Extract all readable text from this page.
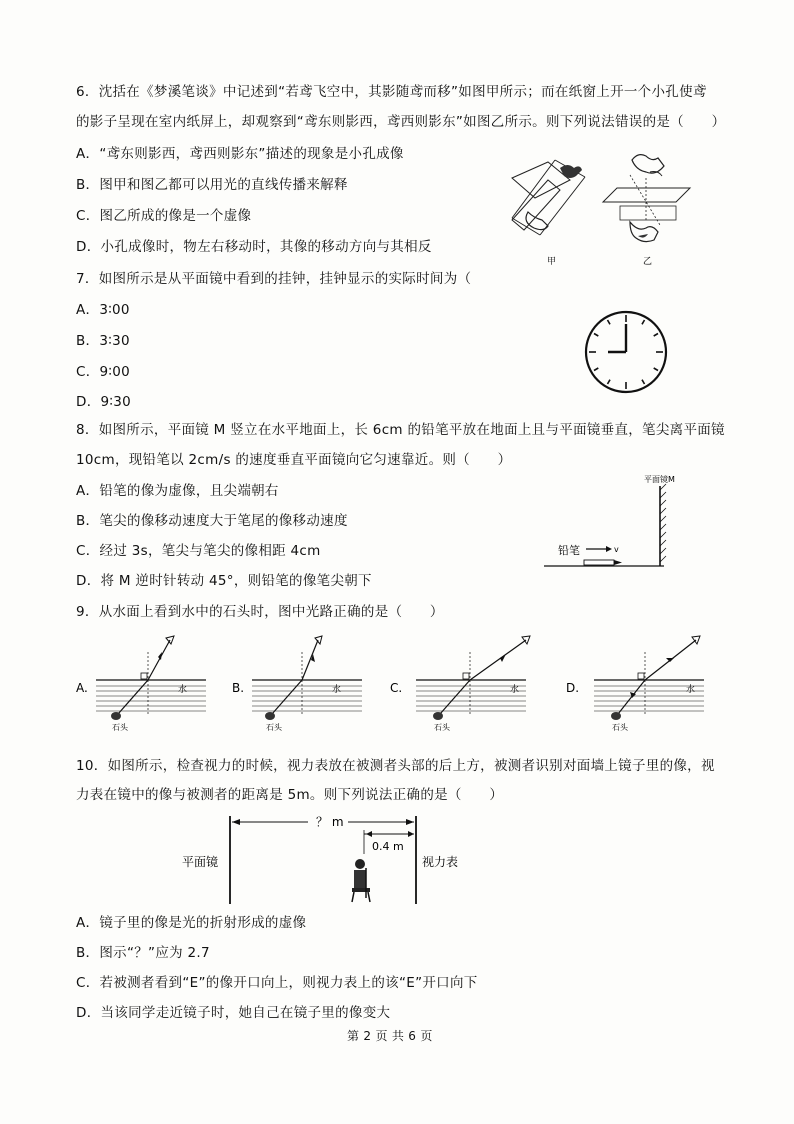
6．沈括在《梦溪笔谈》中记述到“若鸢飞空中，其影随鸢而移”如图甲所示；而在纸窗上开一个小孔使鸢
的影子呈现在室内纸屏上，却观察到“鸢东则影西，鸢西则影东”如图乙所示。则下列说法错误的是（　　）
A．“鸢东则影西，鸢西则影东”描述的现象是小孔成像
B．图甲和图乙都可以用光的直线传播来解释
C．图乙所成的像是一个虚像
D．小孔成像时，物左右移动时，其像的移动方向与其相反
甲	乙
7．如图所示是从平面镜中看到的挂钟，挂钟显示的实际时间为（
A．3∶00
B．3∶30
C．9∶00
D．9∶30
8．如图所示，平面镜 M 竖立在水平地面上，长 6cm 的铅笔平放在地面上且与平面镜垂直，笔尖离平面镜
10cm，现铅笔以 2cm/s 的速度垂直平面镜向它匀速靠近。则（　　）
A．铅笔的像为虚像，且尖端朝右
B．笔尖的像移动速度大于笔尾的像移动速度
C．经过 3s，笔尖与笔尖的像相距 4cm
D．将 M 逆时针转动 45°，则铅笔的像笔尖朝下
平面镜M
铅笔	v
9．从水面上看到水中的石头时，图中光路正确的是（　　）
A.	水
石头
B.	水
石头
C.	水
石头
D.	水
石头
10．如图所示，检查视力的时候，视力表放在被测者头部的后上方，被测者识别对面墙上镜子里的像，视
力表在镜中的像与被测者的距离是 5m。则下列说法正确的是（　　）
？ m
0.4 m
平面镜	视力表
A．镜子里的像是光的折射形成的虚像
B．图示“？”应为 2.7
C．若被测者看到“E”的像开口向上，则视力表上的该“E”开口向下
D．当该同学走近镜子时，她自己在镜子里的像变大
第 2 页 共 6 页
